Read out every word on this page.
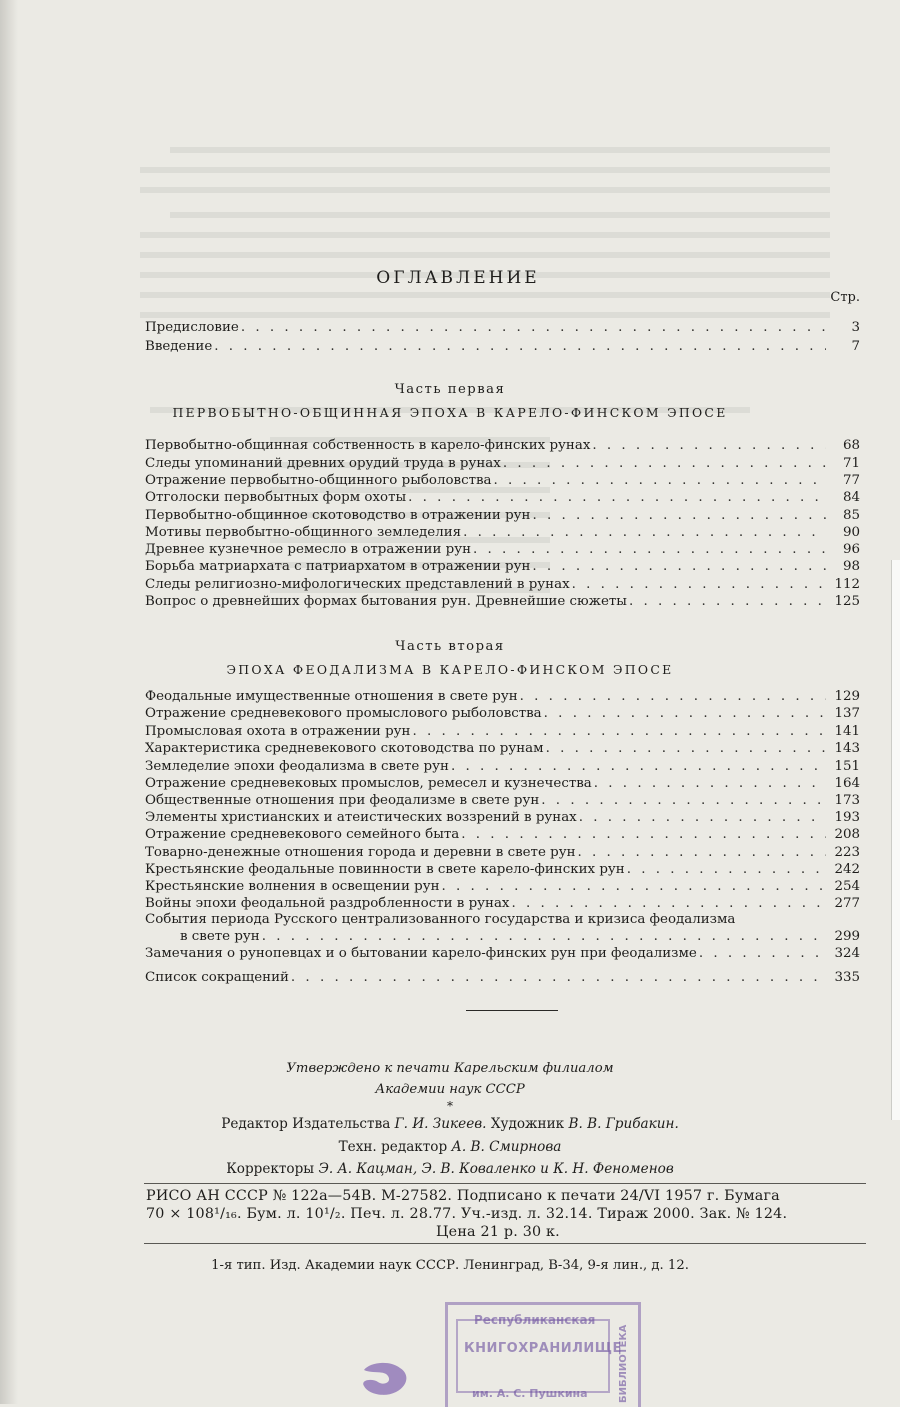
ОГЛАВЛЕНИЕ
Стр.
Предисловие . . .	3
Введение . . .	7
Часть первая
ПЕРВОБЫТНО-ОБЩИННАЯ ЭПОХА В КАРЕЛО-ФИНСКОМ ЭПОСЕ
Первобытно-общинная собственность в карело-финских рунах . . .	68
Следы упоминаний древних орудий труда в рунах . . .	71
Отражение первобытно-общинного рыболовства . . .	77
Отголоски первобытных форм охоты . . .	84
Первобытно-общинное скотоводство в отражении рун . . .	85
Мотивы первобытно-общинного земледелия . . .	90
Древнее кузнечное ремесло в отражении рун . . .	96
Борьба матриархата с патриархатом в отражении рун . . .	98
Следы религиозно-мифологических представлений в рунах . . .	112
Вопрос о древнейших формах бытования рун. Древнейшие сюжеты . . .	125
Часть вторая
ЭПОХА ФЕОДАЛИЗМА В КАРЕЛО-ФИНСКОМ ЭПОСЕ
Феодальные имущественные отношения в свете рун . . .	129
Отражение средневекового промыслового рыболовства . . .	137
Промысловая охота в отражении рун . . .	141
Характеристика средневекового скотоводства по рунам . . .	143
Земледелие эпохи феодализма в свете рун . . .	151
Отражение средневековых промыслов, ремесел и кузнечества . . .	164
Общественные отношения при феодализме в свете рун . . .	173
Элементы христианских и атеистических воззрений в рунах . . .	193
Отражение средневекового семейного быта . . .	208
Товарно-денежные отношения города и деревни в свете рун . . .	223
Крестьянские феодальные повинности в свете карело-финских рун . . .	242
Крестьянские волнения в освещении рун . . .	254
Войны эпохи феодальной раздробленности в рунах . . .	277
События периода Русского централизованного государства и кризиса феодализма
в свете рун . . .	299
Замечания о рунопевцах и о бытовании карело-финских рун при феодализме . . .	324
Список сокращений . . .	335
Утверждено к печати Карельским филиалом
Академии наук СССР
*
Редактор Издательства Г. И. Зикеев. Художник В. В. Грибакин.
Техн. редактор А. В. Смирнова
Корректоры Э. А. Кацман, Э. В. Коваленко и К. Н. Феноменов
РИСО АН СССР № 122а—54В. М-27582. Подписано к печати 24/VI 1957 г. Бумага
70 × 108¹/₁₆. Бум. л. 10¹/₂. Печ. л. 28.77. Уч.-изд. л. 32.14. Тираж 2000. Зак. № 124.
Цена 21 р. 30 к.
1-я тип. Изд. Академии наук СССР. Ленинград, В-34, 9-я лин., д. 12.
Республиканская
КНИГОХРАНИЛИЩЕ
им. А. С. Пушкина	БИБЛИОТЕКА
